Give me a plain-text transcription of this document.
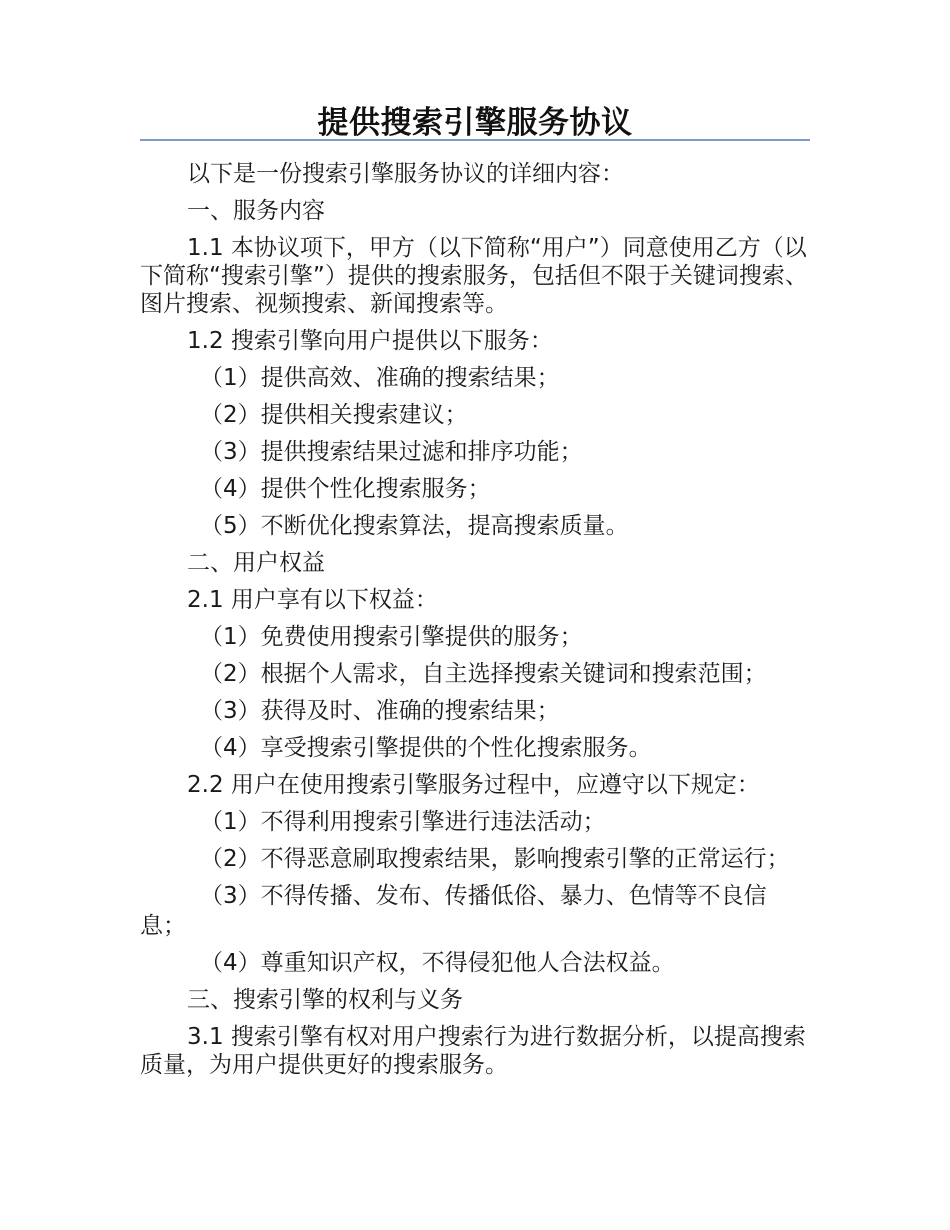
提供搜索引擎服务协议

以下是一份搜索引擎服务协议的详细内容：

一、服务内容

1.1 本协议项下，甲方（以下简称“用户”）同意使用乙方（以下简称“搜索引擎”）提供的搜索服务，包括但不限于关键词搜索、图片搜索、视频搜索、新闻搜索等。

1.2 搜索引擎向用户提供以下服务：

（1）提供高效、准确的搜索结果；

（2）提供相关搜索建议；

（3）提供搜索结果过滤和排序功能；

（4）提供个性化搜索服务；

（5）不断优化搜索算法，提高搜索质量。

二、用户权益

2.1 用户享有以下权益：

（1）免费使用搜索引擎提供的服务；

（2）根据个人需求，自主选择搜索关键词和搜索范围；

（3）获得及时、准确的搜索结果；

（4）享受搜索引擎提供的个性化搜索服务。

2.2 用户在使用搜索引擎服务过程中，应遵守以下规定：

（1）不得利用搜索引擎进行违法活动；

（2）不得恶意刷取搜索结果，影响搜索引擎的正常运行；

（3）不得传播、发布、传播低俗、暴力、色情等不良信息；

（4）尊重知识产权，不得侵犯他人合法权益。

三、搜索引擎的权利与义务

3.1 搜索引擎有权对用户搜索行为进行数据分析，以提高搜索质量，为用户提供更好的搜索服务。
